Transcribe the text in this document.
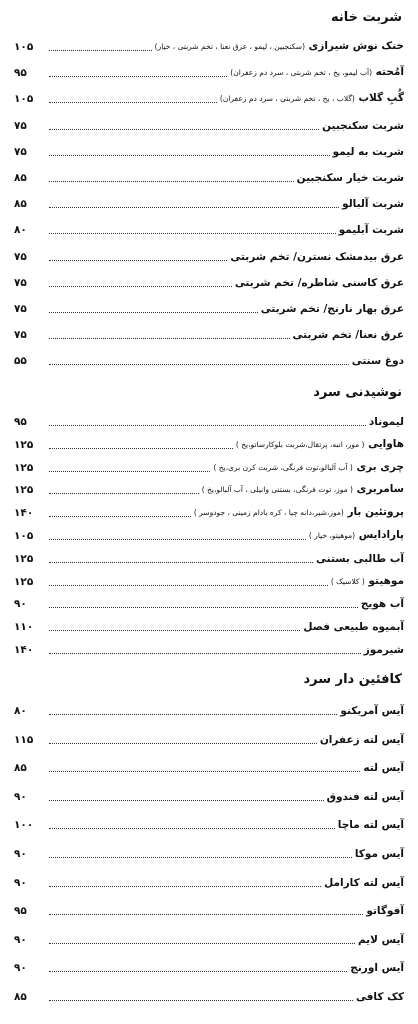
شربت خانه
خنک نوش شیرازی (سکنجبین ، لیمو ، عرق نعنا ، تخم شربتی ، خیار)
۱۰۵
آمُحته (آب لیمو، یخ ، تخم شربتی ، سرد دم زعفران)
۹۵
گُبِ گلاب (گلاب ، یخ ، تخم شربتی ، سرد دم زعفران)
۱۰۵
شربت سکنجبین
۷۵
شربت به لیمو
۷۵
شربت خیار سکنجبین
۸۵
شربت آلبالو
۸۵
شربت آبلیمو
۸۰
عرق بیدمشک نسترن/ تخم شربتی
۷۵
عرق کاسنی شاطره/ تخم شربتی
۷۵
عرق بهار نارنج/ تخم شربتی
۷۵
عرق نعنا/ تخم شربتی
۷۵
دوغ سنتی
۵۵
نوشیدنی سرد
لیموناد
۹۵
هاوایی ( موز، انبه، پرتقال،شربت بلوکارساتو،یخ )
۱۲۵
چری بری ( آب آلبالو،توت فرنگی، شربت کرن بری،یخ )
۱۲۵
سامربری ( موز، توت فرنگی، بستنی وانیلی ، آب آلبالو،یخ )
۱۲۵
پروتئین بار (موز،شیر،دانه چیا ، کره بادام زمینی ، جودوسر )
۱۴۰
پارادایس (موهیتو، خیار )
۱۰۵
آب طالبی بستنی
۱۲۵
موهیتو ( کلاسیک )
۱۲۵
آب هویج
۹۰
آبمیوه طبیعی فصل
۱۱۰
شیرموز
۱۴۰
کافئین دار سرد
آیس آمریکنو
۸۰
آیس لته زعفران
۱۱۵
آیس لته
۸۵
آیس لته فندوق
۹۰
آیس لته ماچا
۱۰۰
آیس موکا
۹۰
آیس لته کارامل
۹۰
آفوگاتو
۹۵
آیس لایم
۹۰
آیس اورنج
۹۰
کک کافی
۸۵
